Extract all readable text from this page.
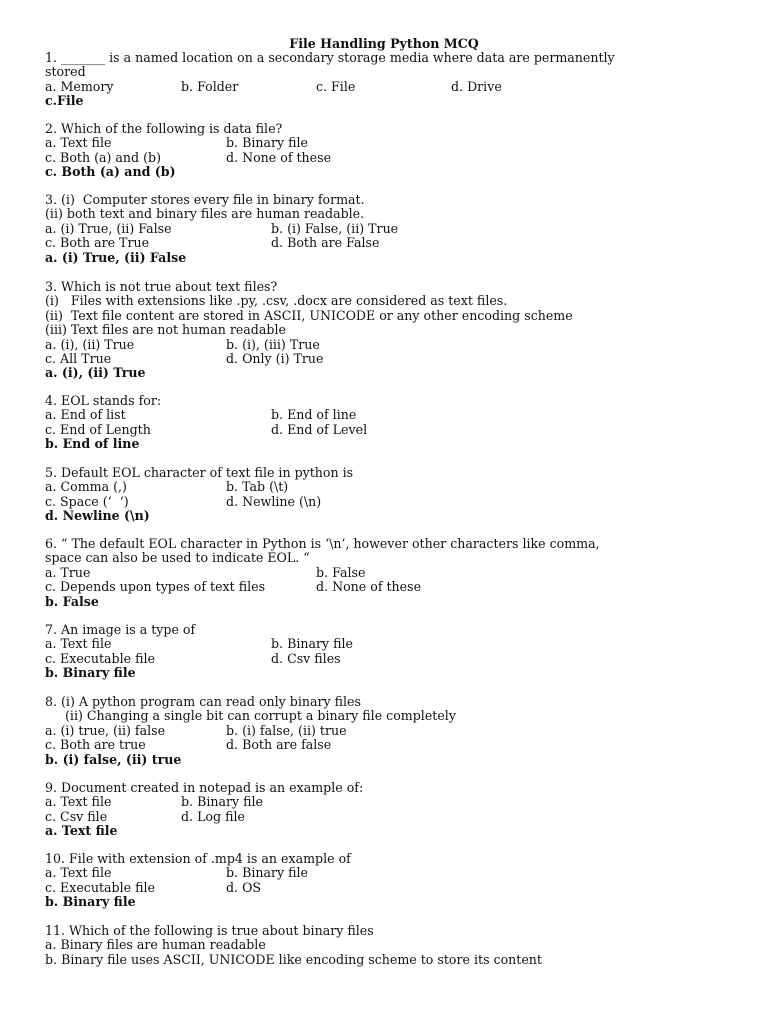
File Handling Python MCQ
1. _______ is a named location on a secondary storage media where data are permanently
stored

a. Memory

	b. Folder

	c. File

	d. Drive

c.File
2. Which of the following is data file?

a. Text file

	b. Binary file

c. Both (a) and (b)

	d. None of these

c. Both (a) and (b)
3. (i)  Computer stores every file in binary format.
(ii) both text and binary files are human readable.

a. (i) True, (ii) False

	b. (i) False, (ii) True

c. Both are True

	d. Both are False

a. (i) True, (ii) False
3. Which is not true about text files?
(i)   Files with extensions like .py, .csv, .docx are considered as text files.
(ii)  Text file content are stored in ASCII, UNICODE or any other encoding scheme
(iii) Text files are not human readable

a. (i), (ii) True

	b. (i), (iii) True

c. All True

	d. Only (i) True

a. (i), (ii) True
4. EOL stands for:

a. End of list

	b. End of line

c. End of Length

	d. End of Level

b. End of line
5. Default EOL character of text file in python is

a. Comma (,)

	b. Tab (\t)

c. Space (‘  ‘)

	d. Newline (\n)

d. Newline (\n)
6. “ The default EOL character in Python is ‘\n’, however other characters like comma,
space can also be used to indicate EOL. “

a. True

	b. False

c. Depends upon types of text files

	d. None of these

b. False
7. An image is a type of

a. Text file

	b. Binary file

c. Executable file

	d. Csv files

b. Binary file
8. (i) A python program can read only binary files
(ii) Changing a single bit can corrupt a binary file completely

a. (i) true, (ii) false

	b. (i) false, (ii) true

c. Both are true

	d. Both are false

b. (i) false, (ii) true
9. Document created in notepad is an example of:

a. Text file

	b. Binary file

c. Csv file

	d. Log file

a. Text file
10. File with extension of .mp4 is an example of

a. Text file

	b. Binary file

c. Executable file

	d. OS

b. Binary file
11. Which of the following is true about binary files

a. Binary files are human readable

b. Binary file uses ASCII, UNICODE like encoding scheme to store its content
